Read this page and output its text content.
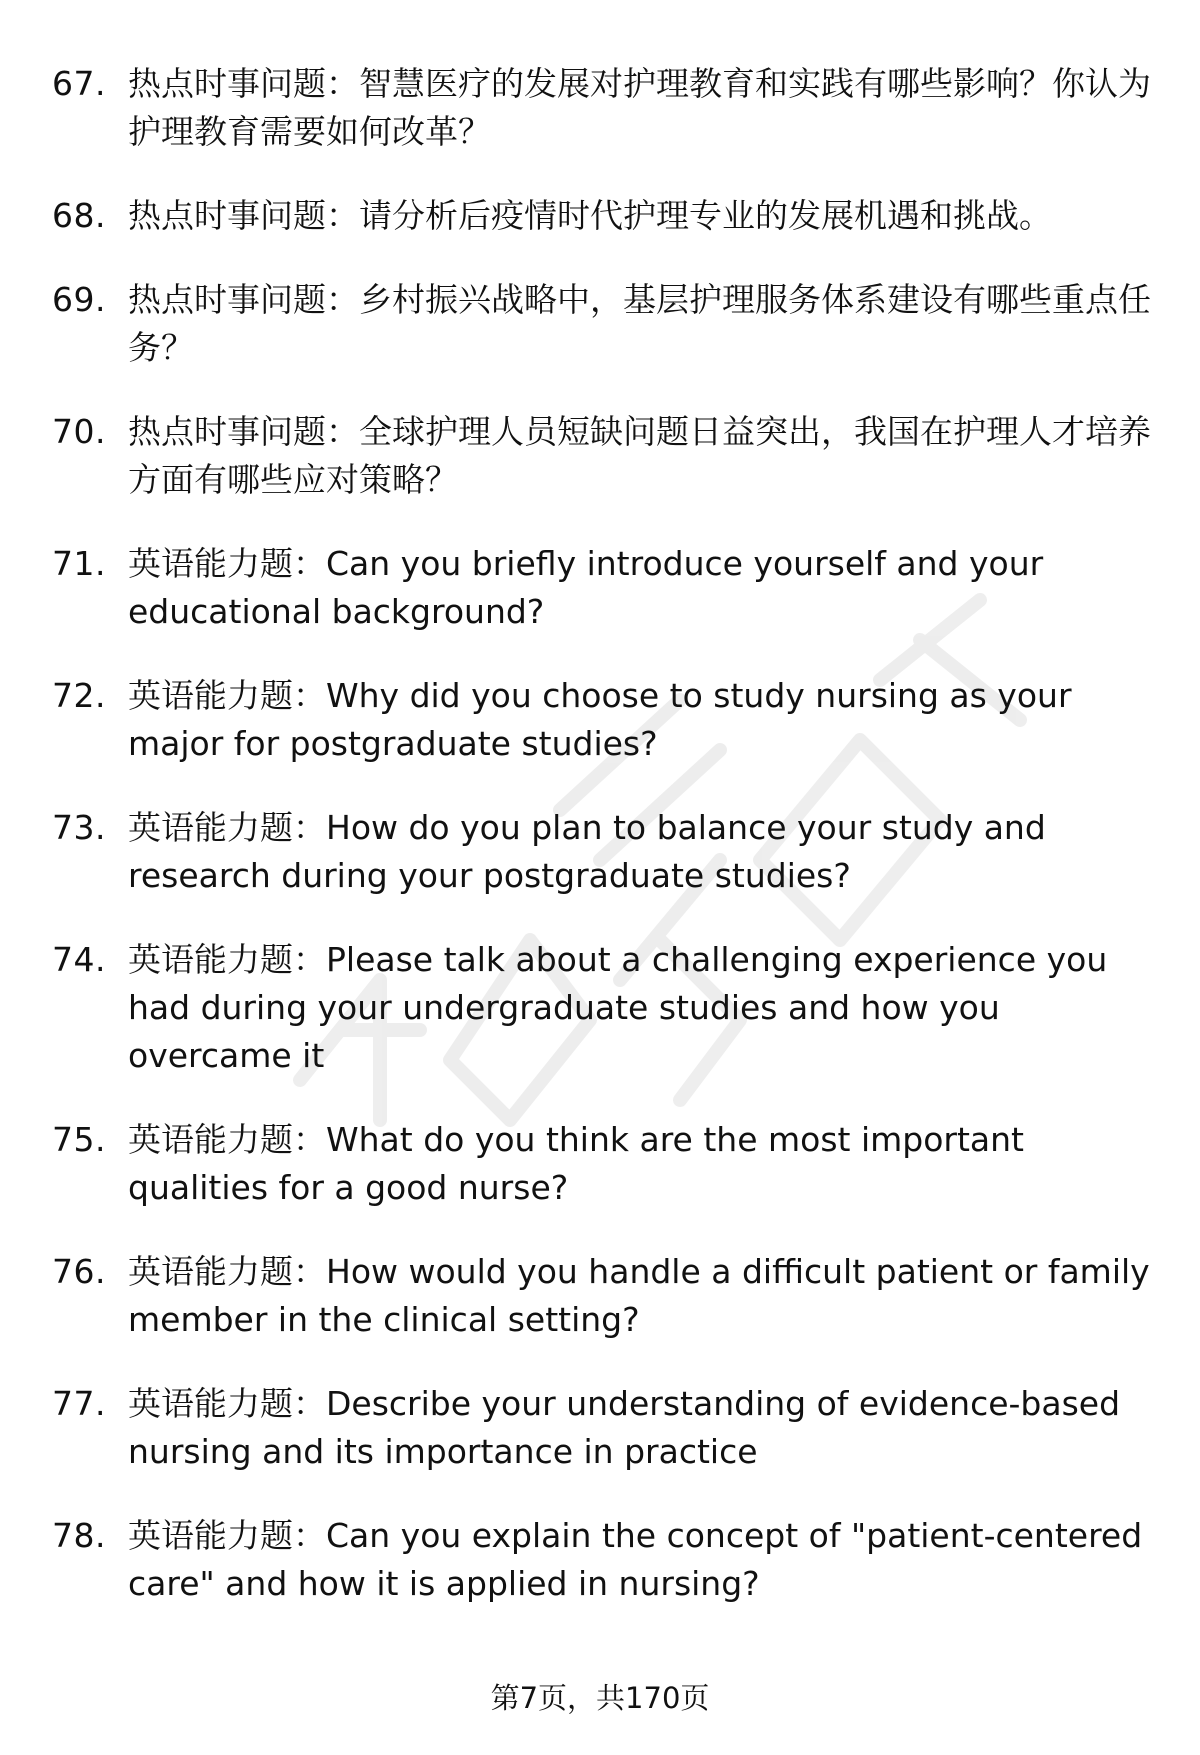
67. 热点时事问题：智慧医疗的发展对护理教育和实践有哪些影响？你认为护理教育需要如何改革？
68. 热点时事问题：请分析后疫情时代护理专业的发展机遇和挑战。
69. 热点时事问题：乡村振兴战略中，基层护理服务体系建设有哪些重点任务？
70. 热点时事问题：全球护理人员短缺问题日益突出，我国在护理人才培养方面有哪些应对策略？
71. 英语能力题：Can you briefly introduce yourself and your educational background?
72. 英语能力题：Why did you choose to study nursing as your major for postgraduate studies?
73. 英语能力题：How do you plan to balance your study and research during your postgraduate studies?
74. 英语能力题：Please talk about a challenging experience you had during your undergraduate studies and how you overcame it
75. 英语能力题：What do you think are the most important qualities for a good nurse?
76. 英语能力题：How would you handle a difficult patient or family member in the clinical setting?
77. 英语能力题：Describe your understanding of evidence-based nursing and its importance in practice
78. 英语能力题：Can you explain the concept of "patient-centered care" and how it is applied in nursing?
第7页，共170页
